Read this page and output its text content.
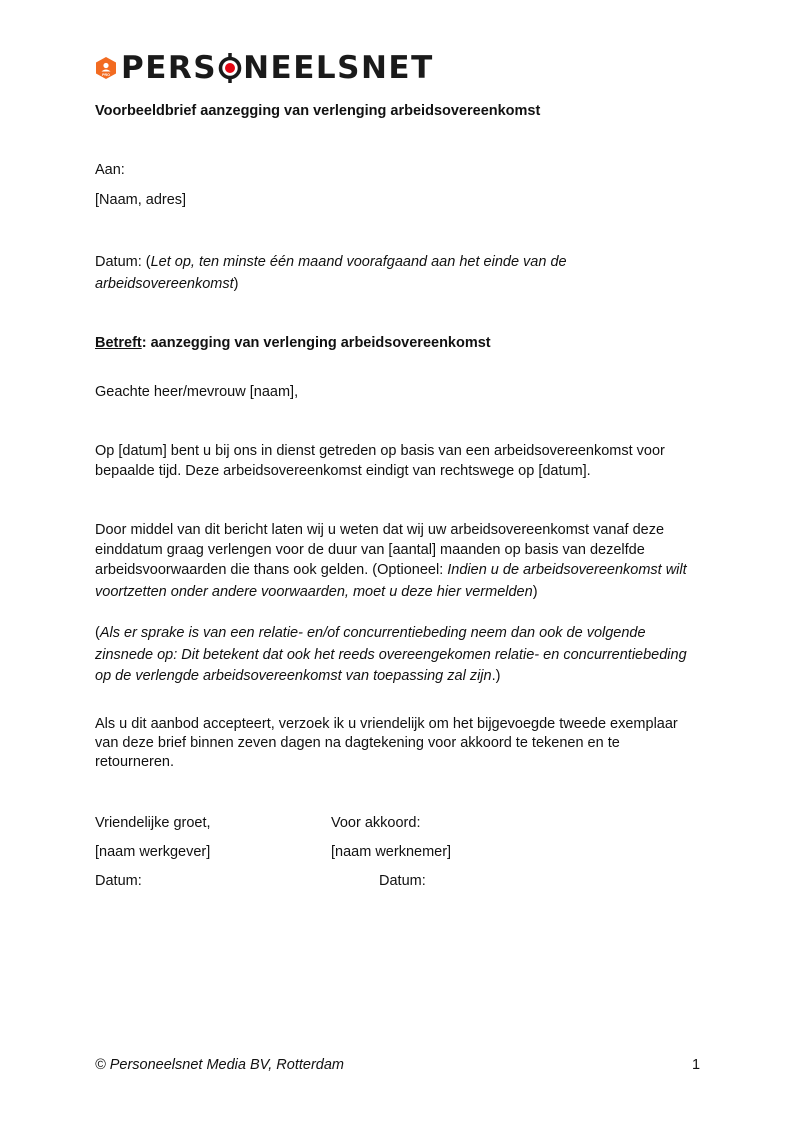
PRO PERS NEELSNET
Voorbeeldbrief aanzegging van verlenging arbeidsovereenkomst
Aan:
[Naam, adres]
Datum: (Let op, ten minste één maand voorafgaand aan het einde van de
arbeidsovereenkomst)
Betreft: aanzegging van verlenging arbeidsovereenkomst
Geachte heer/mevrouw [naam],
Op [datum] bent u bij ons in dienst getreden op basis van een arbeidsovereenkomst voor
bepaalde tijd. Deze arbeidsovereenkomst eindigt van rechtswege op [datum].
Door middel van dit bericht laten wij u weten dat wij uw arbeidsovereenkomst vanaf deze
einddatum graag verlengen voor de duur van [aantal] maanden op basis van dezelfde
arbeidsvoorwaarden die thans ook gelden. (Optioneel: Indien u de arbeidsovereenkomst wilt
voortzetten onder andere voorwaarden, moet u deze hier vermelden)
(Als er sprake is van een relatie- en/of concurrentiebeding neem dan ook de volgende
zinsnede op: Dit betekent dat ook het reeds overeengekomen relatie- en concurrentiebeding
op de verlengde arbeidsovereenkomst van toepassing zal zijn.)
Als u dit aanbod accepteert, verzoek ik u vriendelijk om het bijgevoegde tweede exemplaar
van deze brief binnen zeven dagen na dagtekening voor akkoord te tekenen en te
retourneren.
Vriendelijke groet,	Voor akkoord:
[naam werkgever]	[naam werknemer]
Datum:	Datum:
© Personeelsnet Media BV, Rotterdam	1
